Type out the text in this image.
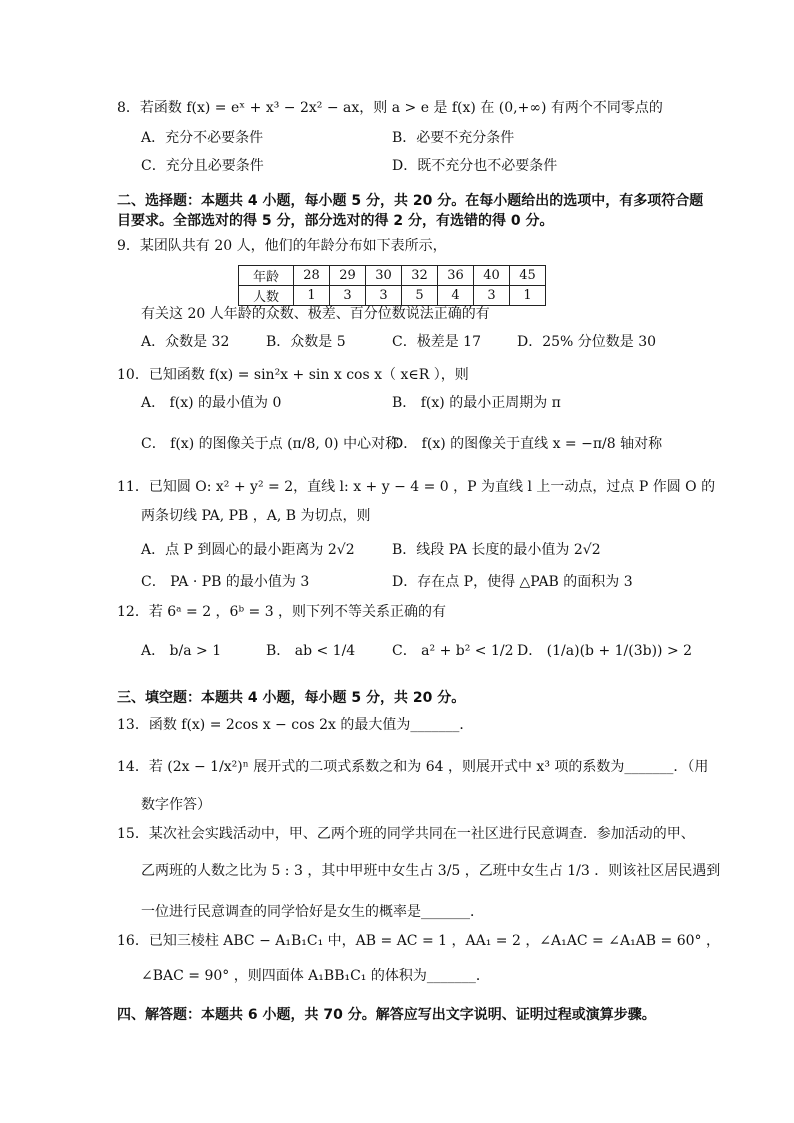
8．若函数 f(x) = eˣ + x³ − 2x² − ax，则 a > e 是 f(x) 在 (0,+∞) 有两个不同零点的
A．充分不必要条件	B．必要不充分条件
C．充分且必要条件	D．既不充分也不必要条件
二、选择题：本题共 4 小题，每小题 5 分，共 20 分。在每小题给出的选项中，有多项符合题
目要求。全部选对的得 5 分，部分选对的得 2 分，有选错的得 0 分。
9．某团队共有 20 人，他们的年龄分布如下表所示，
年龄	28	29	30	32	36	40	45
人数	1	3	3	5	4	3	1
有关这 20 人年龄的众数、极差、百分位数说法正确的有
A．众数是 32	B．众数是 5	C．极差是 17	D．25% 分位数是 30
10．已知函数 f(x) = sin²x + sin x cos x（ x∈R ），则
A． f(x) 的最小值为 0	B． f(x) 的最小正周期为 π
C． f(x) 的图像关于点 (π/8, 0) 中心对称
D． f(x) 的图像关于直线 x = −π/8 轴对称
11．已知圆 O: x² + y² = 2，直线 l: x + y − 4 = 0 ，P 为直线 l 上一动点，过点 P 作圆 O 的
两条切线 PA, PB ，A, B 为切点，则
A．点 P 到圆心的最小距离为 2√2	B．线段 PA 长度的最小值为 2√2
C． PA · PB 的最小值为 3	D．存在点 P，使得 △PAB 的面积为 3
12．若 6ᵃ = 2 ，6ᵇ = 3 ，则下列不等关系正确的有
A． b/a > 1	B． ab < 1/4	C． a² + b² < 1/2 D． (1/a)(b + 1/(3b)) > 2
三、填空题：本题共 4 小题，每小题 5 分，共 20 分。
13．函数 f(x) = 2cos x − cos 2x 的最大值为_______．
14．若 (2x − 1/x²)ⁿ 展开式的二项式系数之和为 64 ，则展开式中 x³ 项的系数为_______．（用
数字作答）
15．某次社会实践活动中，甲、乙两个班的同学共同在一社区进行民意调查．参加活动的甲、
乙两班的人数之比为 5 : 3 ，其中甲班中女生占 3/5 ，乙班中女生占 1/3 ．则该社区居民遇到
一位进行民意调查的同学恰好是女生的概率是_______．
16．已知三棱柱 ABC − A₁B₁C₁ 中，AB = AC = 1 ，AA₁ = 2 ，∠A₁AC = ∠A₁AB = 60° ，
∠BAC = 90° ，则四面体 A₁BB₁C₁ 的体积为_______．
四、解答题：本题共 6 小题，共 70 分。解答应写出文字说明、证明过程或演算步骤。
